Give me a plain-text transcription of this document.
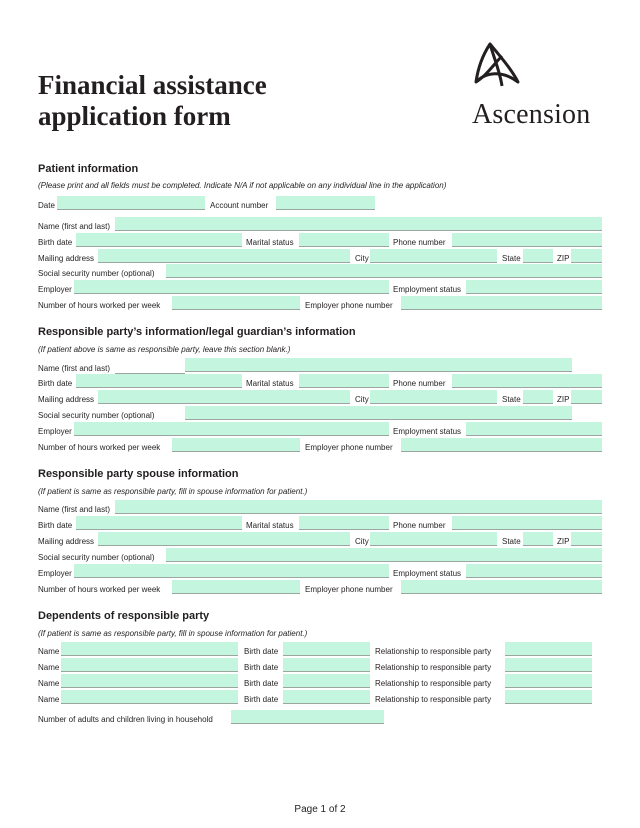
Financial assistance
application form	Ascension
Patient information
(Please print and all fields must be completed. Indicate N/A if not applicable on any individual line in the application)
Date	Account number
Name (first and last)
Birth date	Marital status	Phone number
Mailing address	City	State	ZIP
Social security number (optional)
Employer	Employment status
Number of hours worked per week	Employer phone number
Responsible party’s information/legal guardian’s information
(If patient above is same as responsible party, leave this section blank.)
Name (first and last)
Birth date	Marital status	Phone number
Mailing address	City	State	ZIP
Social security number (optional)
Employer	Employment status
Number of hours worked per week	Employer phone number
Responsible party spouse information
(If patient is same as responsible party, fill in spouse information for patient.)
Name (first and last)
Birth date	Marital status	Phone number
Mailing address	City	State	ZIP
Social security number (optional)
Employer	Employment status
Number of hours worked per week	Employer phone number
Dependents of responsible party
(If patient is same as responsible party, fill in spouse information for patient.)
Name	Birth date	Relationship to responsible party
Name	Birth date	Relationship to responsible party
Name	Birth date	Relationship to responsible party
Name	Birth date	Relationship to responsible party
Number of adults and children living in household
Page 1 of 2
